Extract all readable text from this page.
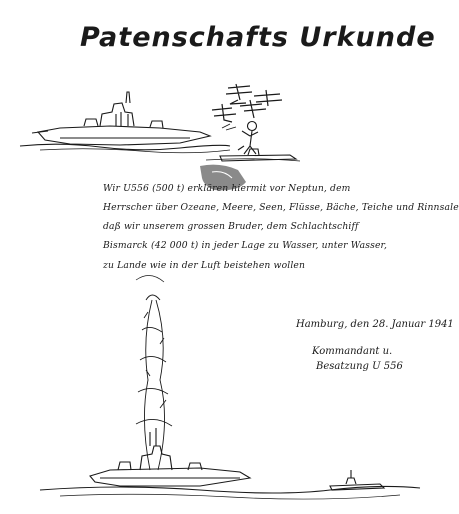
Patenschafts Urkunde
Wir U556 (500 t) erklären hiermit vor Neptun, dem
Herrscher über Ozeane, Meere, Seen, Flüsse, Bäche, Teiche und Rinnsale
daß wir unserem grossen Bruder, dem Schlachtschiff
Bismarck (42 000 t) in jeder Lage zu Wasser, unter Wasser,
zu Lande wie in der Luft beistehen wollen
Hamburg, den 28. Januar 1941
Kommandant u.
Besatzung U 556
